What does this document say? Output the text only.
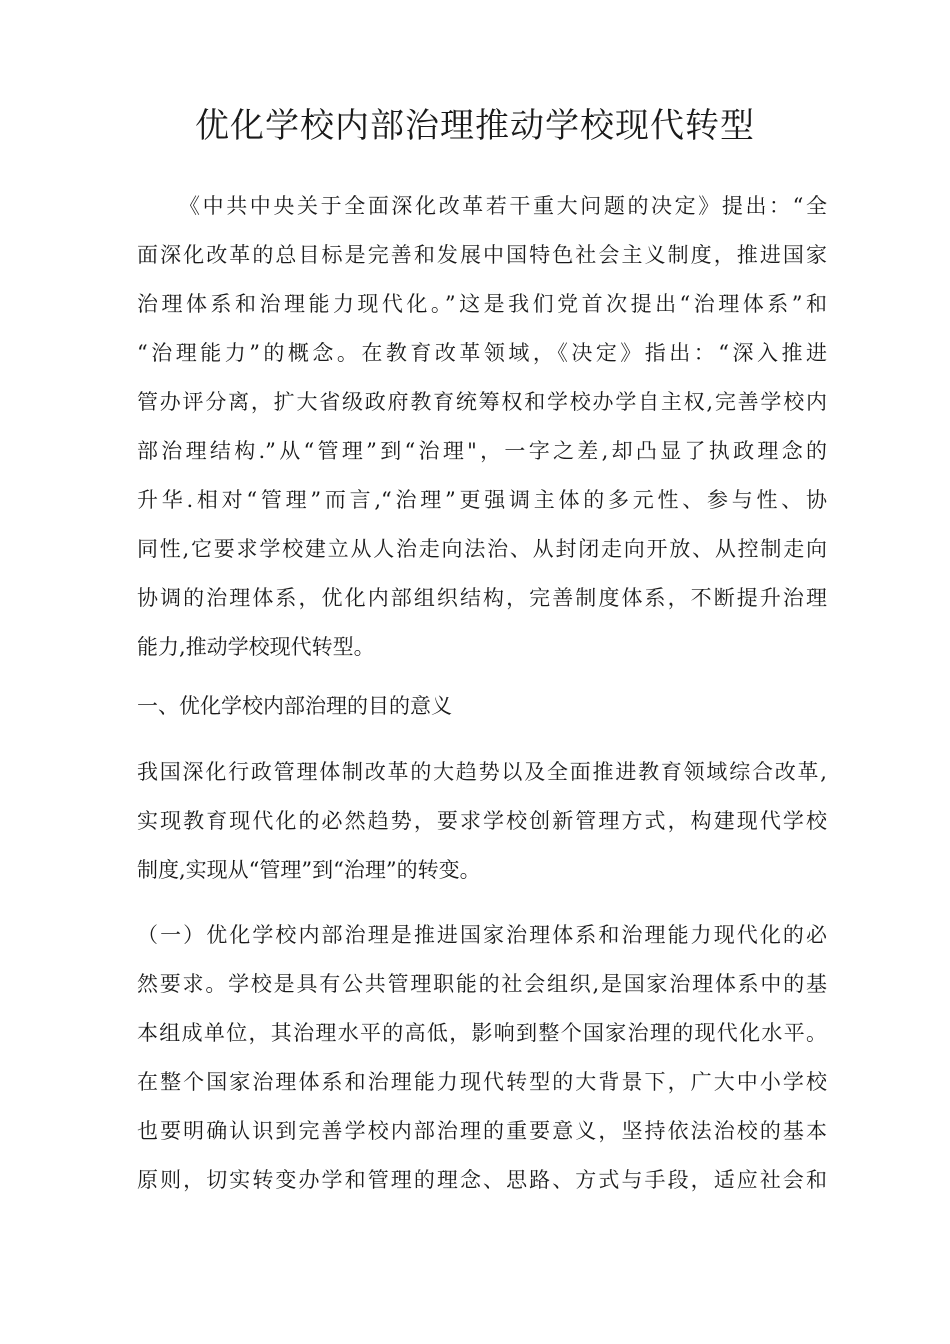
优化学校内部治理推动学校现代转型

《中共中央关于全面深化改革若干重大问题的决定》提出：“全
面深化改革的总目标是完善和发展中国特色社会主义制度，推进国家
治理体系和治理能力现代化。”这是我们党首次提出“治理体系”和
“治理能力”的概念。在教育改革领域，《决定》指出：“深入推进
管办评分离，扩大省级政府教育统筹权和学校办学自主权,完善学校内
部治理结构.”从“管理”到“治理"，一字之差,却凸显了执政理念的
升华.相对“管理”而言,“治理”更强调主体的多元性、参与性、协
同性,它要求学校建立从人治走向法治、从封闭走向开放、从控制走向
协调的治理体系，优化内部组织结构，完善制度体系，不断提升治理
能力,推动学校现代转型。

一、优化学校内部治理的目的意义

我国深化行政管理体制改革的大趋势以及全面推进教育领域综合改革,
实现教育现代化的必然趋势，要求学校创新管理方式，构建现代学校
制度,实现从“管理”到“治理”的转变。

（一）优化学校内部治理是推进国家治理体系和治理能力现代化的必
然要求。学校是具有公共管理职能的社会组织,是国家治理体系中的基
本组成单位，其治理水平的高低，影响到整个国家治理的现代化水平。
在整个国家治理体系和治理能力现代转型的大背景下，广大中小学校
也要明确认识到完善学校内部治理的重要意义，坚持依法治校的基本
原则，切实转变办学和管理的理念、思路、方式与手段，适应社会和
